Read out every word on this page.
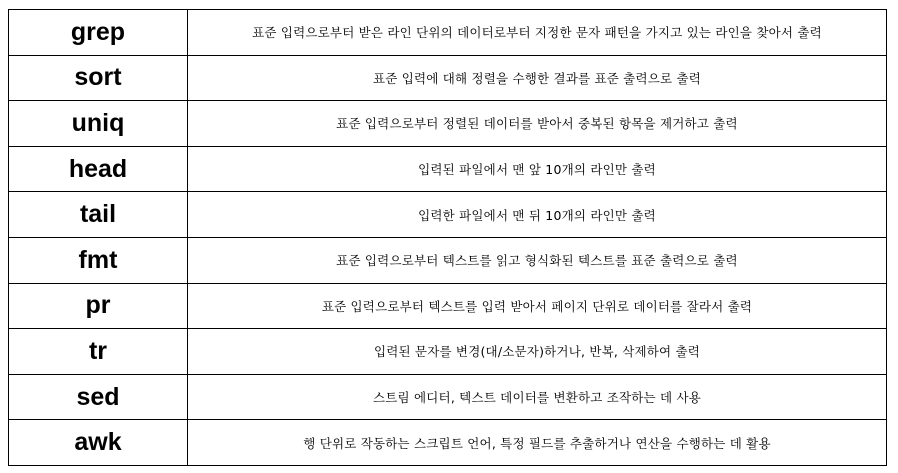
grep	표준 입력으로부터 받은 라인 단위의 데이터로부터 지정한 문자 패턴을 가지고 있는 라인을 찾아서 출력
sort	표준 입력에 대해 정렬을 수행한 결과를 표준 출력으로 출력
uniq	표준 입력으로부터 정렬된 데이터를 받아서 중복된 항목을 제거하고 출력
head	입력된 파일에서 맨 앞 10개의 라인만 출력
tail	입력한 파일에서 맨 뒤 10개의 라인만 출력
fmt	표준 입력으로부터 텍스트를 읽고 형식화된 텍스트를 표준 출력으로 출력
pr	표준 입력으로부터 텍스트를 입력 받아서 페이지 단위로 데이터를 잘라서 출력
tr	입력된 문자를 변경(대/소문자)하거나, 반복, 삭제하여 출력
sed	스트림 에디터, 텍스트 데이터를 변환하고 조작하는 데 사용
awk	행 단위로 작동하는 스크립트 언어, 특정 필드를 추출하거나 연산을 수행하는 데 활용
